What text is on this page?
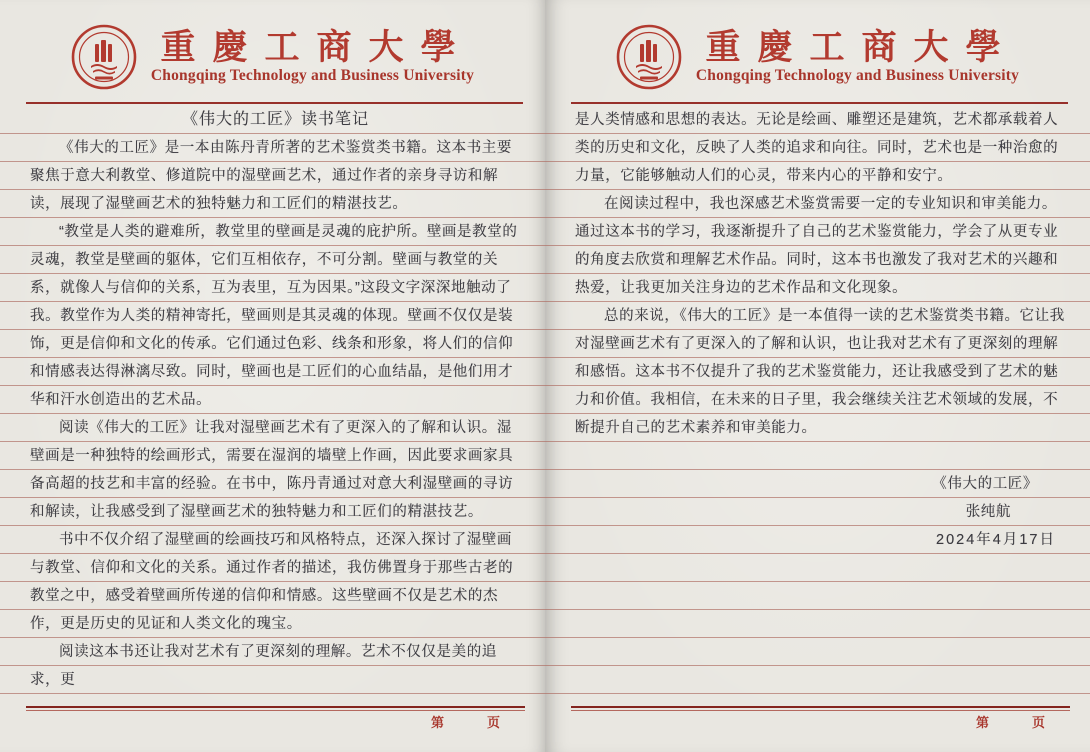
重慶工商大學
Chongqing Technology and Business University
《伟大的工匠》读书笔记
《伟大的工匠》是一本由陈丹青所著的艺术鉴赏类书籍。这本书主要聚焦于意大利教堂、修道院中的湿壁画艺术，通过作者的亲身寻访和解读，展现了湿壁画艺术的独特魅力和工匠们的精湛技艺。
“教堂是人类的避难所，教堂里的壁画是灵魂的庇护所。壁画是教堂的灵魂，教堂是壁画的躯体，它们互相依存，不可分割。壁画与教堂的关系，就像人与信仰的关系，互为表里，互为因果。”这段文字深深地触动了我。教堂作为人类的精神寄托，壁画则是其灵魂的体现。壁画不仅仅是装饰，更是信仰和文化的传承。它们通过色彩、线条和形象，将人们的信仰和情感表达得淋漓尽致。同时，壁画也是工匠们的心血结晶，是他们用才华和汗水创造出的艺术品。
阅读《伟大的工匠》让我对湿壁画艺术有了更深入的了解和认识。湿壁画是一种独特的绘画形式，需要在湿润的墙壁上作画，因此要求画家具备高超的技艺和丰富的经验。在书中，陈丹青通过对意大利湿壁画的寻访和解读，让我感受到了湿壁画艺术的独特魅力和工匠们的精湛技艺。
书中不仅介绍了湿壁画的绘画技巧和风格特点，还深入探讨了湿壁画与教堂、信仰和文化的关系。通过作者的描述，我仿佛置身于那些古老的教堂之中，感受着壁画所传递的信仰和情感。这些壁画不仅是艺术的杰作，更是历史的见证和人类文化的瑰宝。
阅读这本书还让我对艺术有了更深刻的理解。艺术不仅仅是美的追求，更
第	页
重慶工商大學
Chongqing Technology and Business University
是人类情感和思想的表达。无论是绘画、雕塑还是建筑，艺术都承载着人类的历史和文化，反映了人类的追求和向往。同时，艺术也是一种治愈的力量，它能够触动人们的心灵，带来内心的平静和安宁。
在阅读过程中，我也深感艺术鉴赏需要一定的专业知识和审美能力。通过这本书的学习，我逐渐提升了自己的艺术鉴赏能力，学会了从更专业的角度去欣赏和理解艺术作品。同时，这本书也激发了我对艺术的兴趣和热爱，让我更加关注身边的艺术作品和文化现象。
总的来说，《伟大的工匠》是一本值得一读的艺术鉴赏类书籍。它让我对湿壁画艺术有了更深入的了解和认识，也让我对艺术有了更深刻的理解和感悟。这本书不仅提升了我的艺术鉴赏能力，还让我感受到了艺术的魅力和价值。我相信，在未来的日子里，我会继续关注艺术领域的发展，不断提升自己的艺术素养和审美能力。
《伟大的工匠》
张纯航
2024年4月17日
第	页
